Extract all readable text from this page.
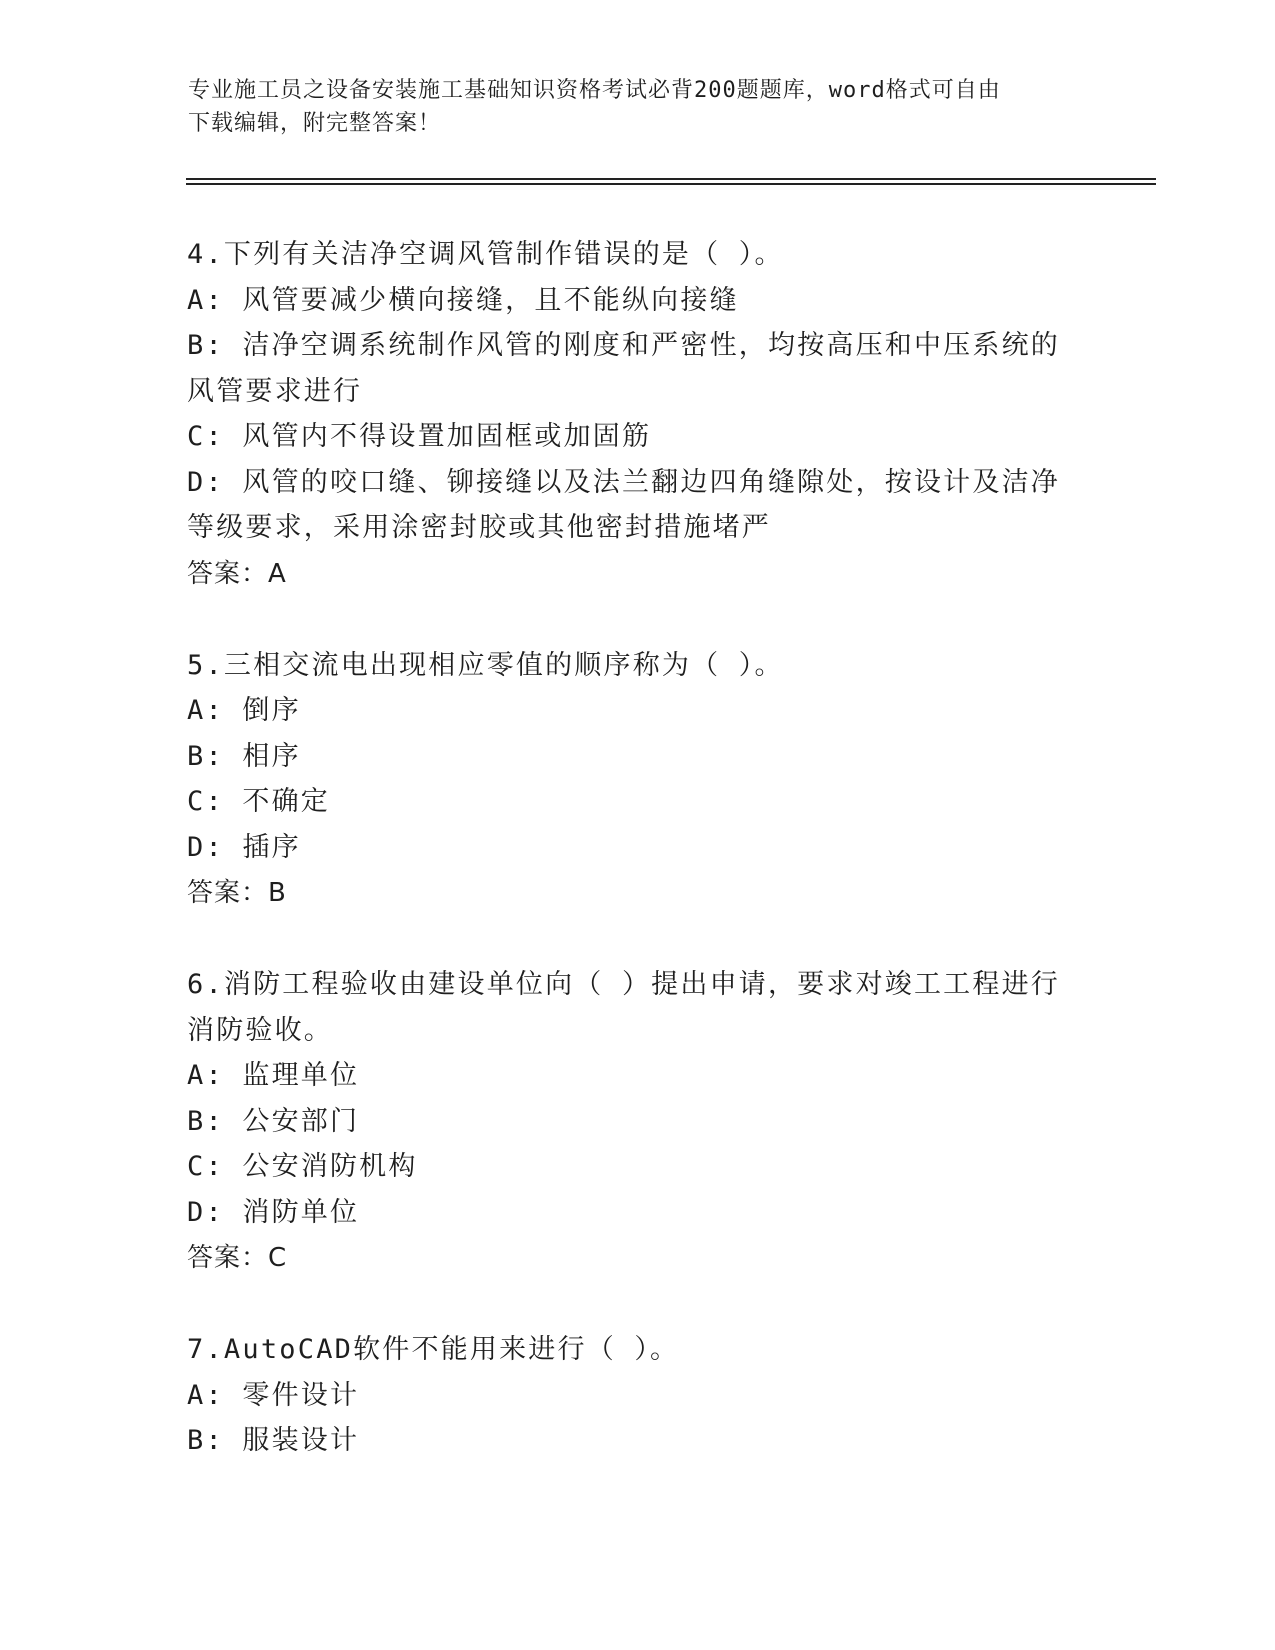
专业施工员之设备安装施工基础知识资格考试必背200题题库，word格式可自由
下载编辑，附完整答案！
4.下列有关洁净空调风管制作错误的是（ ）。
A: 风管要减少横向接缝，且不能纵向接缝
B: 洁净空调系统制作风管的刚度和严密性，均按高压和中压系统的风管要求进行
C: 风管内不得设置加固框或加固筋
D: 风管的咬口缝、铆接缝以及法兰翻边四角缝隙处，按设计及洁净等级要求，采用涂密封胶或其他密封措施堵严
答案：A
5.三相交流电出现相应零值的顺序称为（ ）。
A: 倒序
B: 相序
C: 不确定
D: 插序
答案：B
6.消防工程验收由建设单位向（ ）提出申请，要求对竣工工程进行消防验收。
A: 监理单位
B: 公安部门
C: 公安消防机构
D: 消防单位
答案：C
7.AutoCAD软件不能用来进行（ ）。
A: 零件设计
B: 服装设计
